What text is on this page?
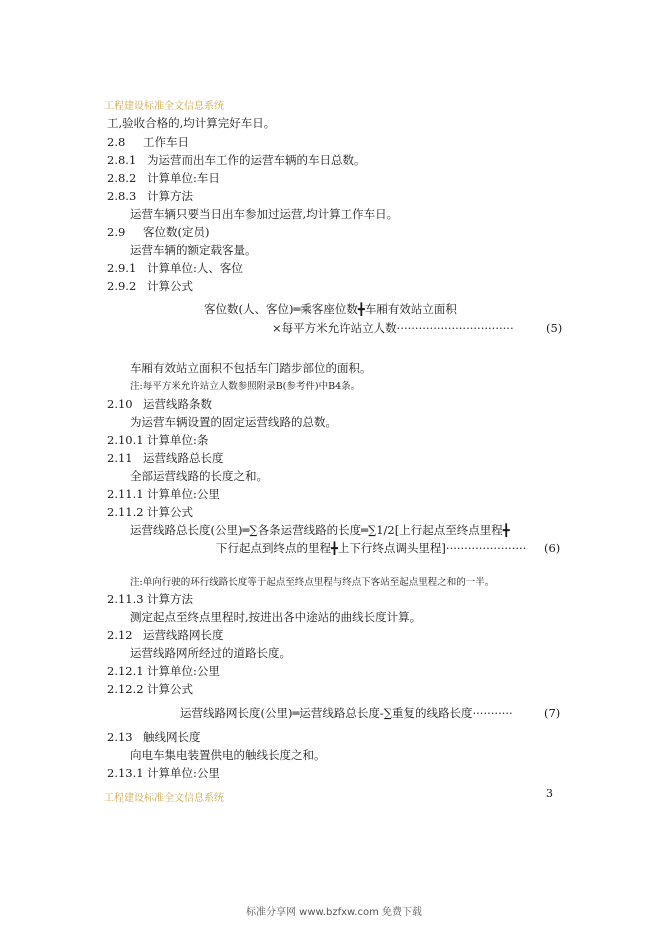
工程建设标准全文信息系统
工,验收合格的,均计算完好车日。
2.8 工作车日
2.8.1 为运营而出车工作的运营车辆的车日总数。
2.8.2 计算单位:车日
2.8.3 计算方法
运营车辆只要当日出车参加过运营,均计算工作车日。
2.9 客位数(定员)
运营车辆的额定载客量。
2.9.1 计算单位:人、客位
2.9.2 计算公式
客位数(人、客位)═乘客座位数╋车厢有效站立面积
×每平方米允许站立人数································	(5)
车厢有效站立面积不包括车门踏步部位的面积。
注:每平方米允许站立人数参照附录B(参考件)中B4条。
2.10 运营线路条数
为运营车辆设置的固定运营线路的总数。
2.10.1 计算单位:条
2.11 运营线路总长度
全部运营线路的长度之和。
2.11.1 计算单位:公里
2.11.2 计算公式
运营线路总长度(公里)═∑各条运营线路的长度═∑1/2[上行起点至终点里程╋
下行起点到终点的里程╋上下行终点调头里程]······················ (6)
注:单向行驶的环行线路长度等于起点至终点里程与终点下客站至起点里程之和的一半。
2.11.3 计算方法
测定起点至终点里程时,按进出各中途站的曲线长度计算。
2.12 运营线路网长度
运营线路网所经过的道路长度。
2.12.1 计算单位:公里
2.12.2 计算公式
运营线路网长度(公里)═运营线路总长度-∑重复的线路长度···········	(7)
2.13 触线网长度
向电车集电装置供电的触线长度之和。
2.13.1 计算单位:公里
工程建设标准全文信息系统	3
标准分享网 www.bzfxw.com 免费下载
